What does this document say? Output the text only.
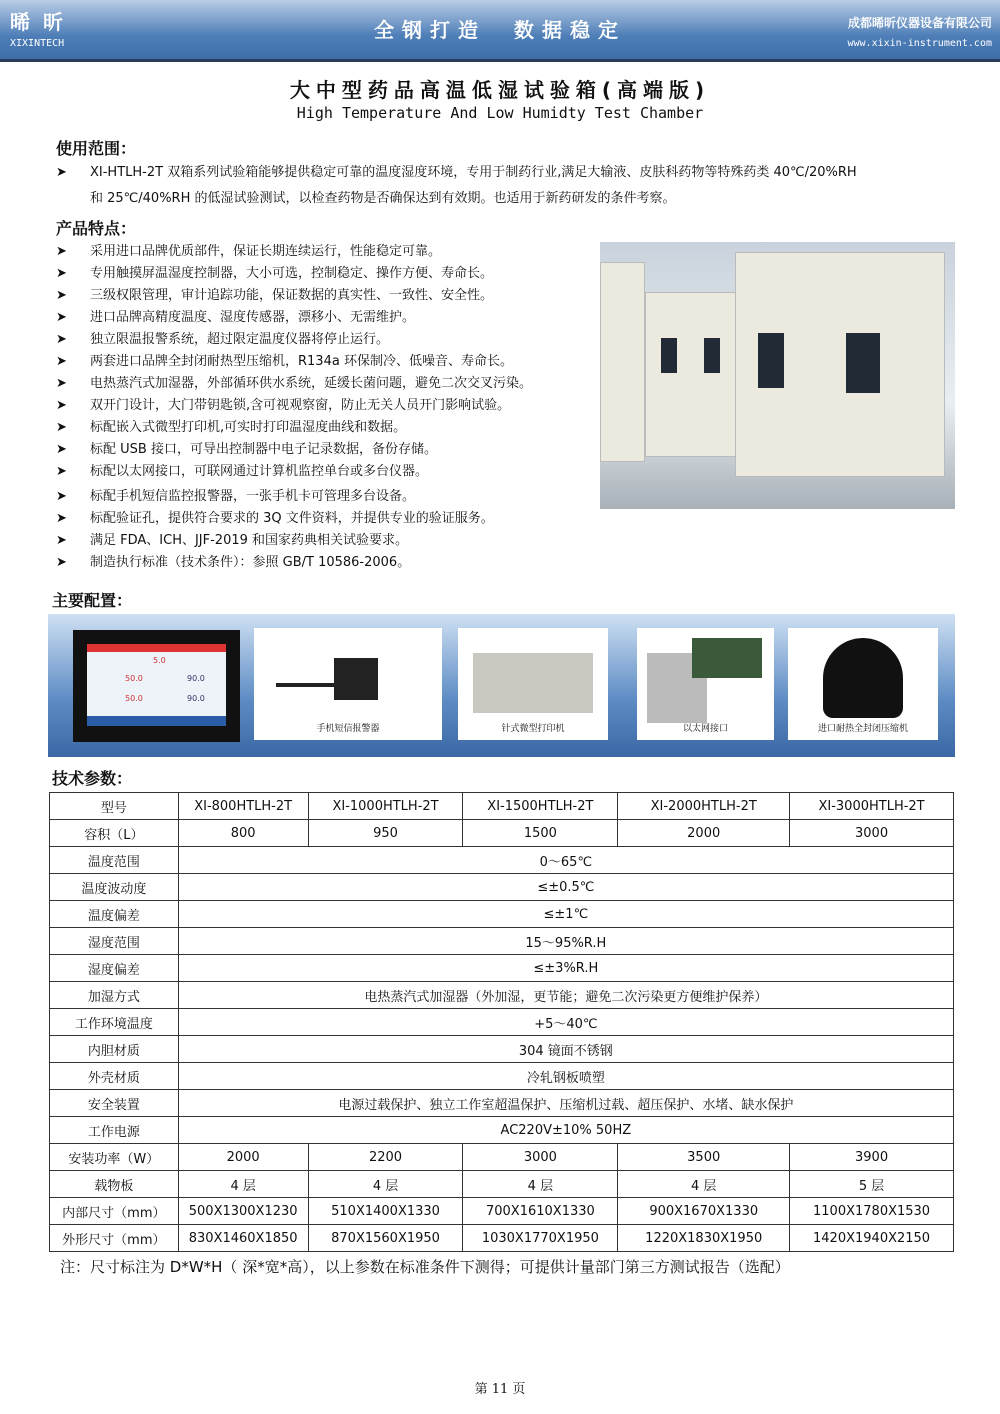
晞 昕
XIXINTECH
全钢打造　数据稳定	成都晞昕仪器设备有限公司
www.xixin-instrument.com
大中型药品高温低湿试验箱(高端版)
High Temperature And Low Humidty Test Chamber
使用范围：
➤ XI-HTLH-2T 双箱系列试验箱能够提供稳定可靠的温度湿度环境，专用于制药行业,满足大输液、皮肤科药物等特殊药类 40℃/20%RH
和 25℃/40%RH 的低湿试验测试，以检查药物是否确保达到有效期。也适用于新药研发的条件考察。
产品特点：
➤ 采用进口品牌优质部件，保证长期连续运行，性能稳定可靠。
➤ 专用触摸屏温湿度控制器，大小可选，控制稳定、操作方便、寿命长。
➤ 三级权限管理，审计追踪功能，保证数据的真实性、一致性、安全性。
➤ 进口品牌高精度温度、湿度传感器，漂移小、无需维护。
➤ 独立限温报警系统，超过限定温度仪器将停止运行。
➤ 两套进口品牌全封闭耐热型压缩机，R134a 环保制冷、低噪音、寿命长。
➤ 电热蒸汽式加湿器，外部循环供水系统，延缓长菌问题，避免二次交叉污染。
➤ 双开门设计，大门带钥匙锁,含可视观察窗，防止无关人员开门影响试验。
➤ 标配嵌入式微型打印机,可实时打印温湿度曲线和数据。
➤ 标配 USB 接口，可导出控制器中电子记录数据，备份存储。
➤ 标配以太网接口，可联网通过计算机监控单台或多台仪器。
➤ 标配手机短信监控报警器，一张手机卡可管理多台设备。
➤ 标配验证孔，提供符合要求的 3Q 文件资料，并提供专业的验证服务。
➤ 满足 FDA、ICH、JJF-2019 和国家药典相关试验要求。
➤ 制造执行标准（技术条件）：参照 GB/T 10586-2006。
主要配置：
5.0
50.0	90.0
50.0	90.0
手机短信报警器	针式微型打印机	以太网接口	进口耐热全封闭压缩机
技术参数：
型号	XI-800HTLH-2T	XI-1000HTLH-2T	XI-1500HTLH-2T	XI-2000HTLH-2T	XI-3000HTLH-2T
容积（L）	800	950	1500	2000	3000
温度范围	0～65℃				
温度波动度	≤±0.5℃				
温度偏差	≤±1℃				
湿度范围	15～95%R.H				
湿度偏差	≤±3%R.H				
加湿方式	电热蒸汽式加湿器（外加湿，更节能；避免二次污染更方便维护保养）				
工作环境温度	+5～40℃				
内胆材质	304 镜面不锈钢				
外壳材质	冷轧钢板喷塑				
安全装置	电源过载保护、独立工作室超温保护、压缩机过载、超压保护、水堵、缺水保护				
工作电源	AC220V±10% 50HZ				
安装功率（W）	2000	2200	3000	3500	3900
载物板	4 层	4 层	4 层	4 层	5 层
内部尺寸（mm）	500X1300X1230	510X1400X1330	700X1610X1330	900X1670X1330	1100X1780X1530
外形尺寸（mm）	830X1460X1850	870X1560X1950	1030X1770X1950	1220X1830X1950	1420X1940X2150
注：尺寸标注为 D*W*H（ 深*宽*高），以上参数在标准条件下测得；可提供计量部门第三方测试报告（选配）
第 11 页
